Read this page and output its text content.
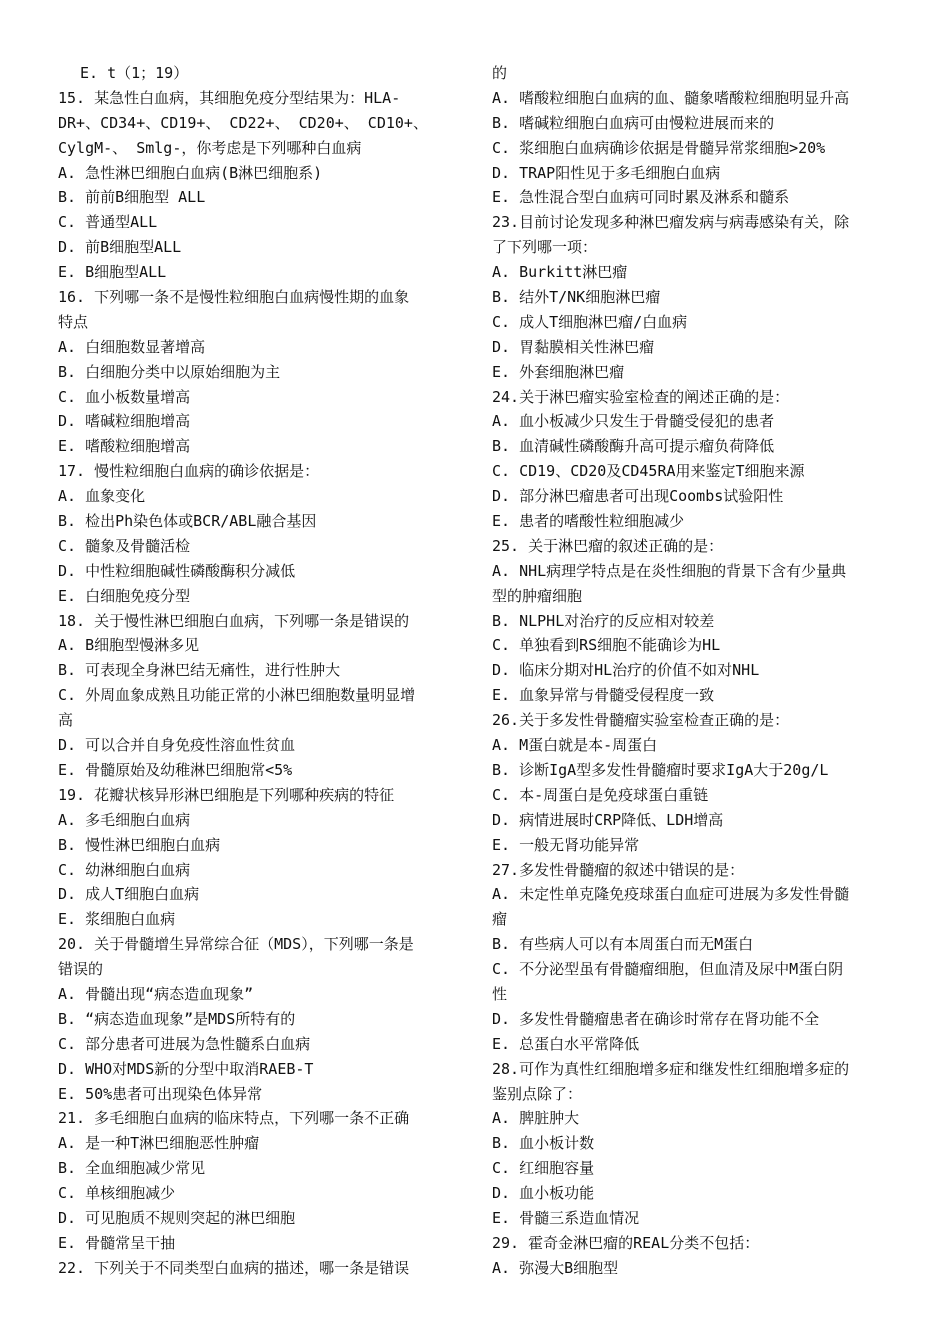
E. t（1；19）
15. 某急性白血病，其细胞免疫分型结果为：HLA-
DR+、CD34+、CD19+、 CD22+、 CD20+、 CD10+、
CylgM-、 Smlg-，你考虑是下列哪种白血病
A. 急性淋巴细胞白血病(B淋巴细胞系)
B. 前前B细胞型 ALL
C. 普通型ALL
D. 前B细胞型ALL
E. B细胞型ALL
16. 下列哪一条不是慢性粒细胞白血病慢性期的血象
特点
A. 白细胞数显著增高
B. 白细胞分类中以原始细胞为主
C. 血小板数量增高
D. 嗜碱粒细胞增高
E. 嗜酸粒细胞增高
17. 慢性粒细胞白血病的确诊依据是：
A. 血象变化
B. 检出Ph染色体或BCR/ABL融合基因
C. 髓象及骨髓活检
D. 中性粒细胞碱性磷酸酶积分减低
E. 白细胞免疫分型
18. 关于慢性淋巴细胞白血病，下列哪一条是错误的
A. B细胞型慢淋多见
B. 可表现全身淋巴结无痛性，进行性肿大
C. 外周血象成熟且功能正常的小淋巴细胞数量明显增
高
D. 可以合并自身免疫性溶血性贫血
E. 骨髓原始及幼稚淋巴细胞常<5%
19. 花瓣状核异形淋巴细胞是下列哪种疾病的特征
A. 多毛细胞白血病
B. 慢性淋巴细胞白血病
C. 幼淋细胞白血病
D. 成人T细胞白血病
E. 浆细胞白血病
20. 关于骨髓增生异常综合征（MDS），下列哪一条是
错误的
A. 骨髓出现“病态造血现象”
B. “病态造血现象”是MDS所特有的
C. 部分患者可进展为急性髓系白血病
D. WHO对MDS新的分型中取消RAEB-T
E. 50%患者可出现染色体异常
21. 多毛细胞白血病的临床特点，下列哪一条不正确
A. 是一种T淋巴细胞恶性肿瘤
B. 全血细胞减少常见
C. 单核细胞减少
D. 可见胞质不规则突起的淋巴细胞
E. 骨髓常呈干抽
22. 下列关于不同类型白血病的描述，哪一条是错误
的
A. 嗜酸粒细胞白血病的血、髓象嗜酸粒细胞明显升高
B. 嗜碱粒细胞白血病可由慢粒进展而来的
C. 浆细胞白血病确诊依据是骨髓异常浆细胞>20%
D. TRAP阳性见于多毛细胞白血病
E. 急性混合型白血病可同时累及淋系和髓系
23.目前讨论发现多种淋巴瘤发病与病毒感染有关，除
了下列哪一项：
A. Burkitt淋巴瘤
B. 结外T/NK细胞淋巴瘤
C. 成人T细胞淋巴瘤/白血病
D. 胃黏膜相关性淋巴瘤
E. 外套细胞淋巴瘤
24.关于淋巴瘤实验室检查的阐述正确的是：
A. 血小板减少只发生于骨髓受侵犯的患者
B. 血清碱性磷酸酶升高可提示瘤负荷降低
C. CD19、CD20及CD45RA用来鉴定T细胞来源
D. 部分淋巴瘤患者可出现Coombs试验阳性
E. 患者的嗜酸性粒细胞减少
25. 关于淋巴瘤的叙述正确的是：
A. NHL病理学特点是在炎性细胞的背景下含有少量典
型的肿瘤细胞
B. NLPHL对治疗的反应相对较差
C. 单独看到RS细胞不能确诊为HL
D. 临床分期对HL治疗的价值不如对NHL
E. 血象异常与骨髓受侵程度一致
26.关于多发性骨髓瘤实验室检查正确的是：
A. M蛋白就是本-周蛋白
B. 诊断IgA型多发性骨髓瘤时要求IgA大于20g/L
C. 本-周蛋白是免疫球蛋白重链
D. 病情进展时CRP降低、LDH增高
E. 一般无肾功能异常
27.多发性骨髓瘤的叙述中错误的是：
A. 未定性单克隆免疫球蛋白血症可进展为多发性骨髓
瘤
B. 有些病人可以有本周蛋白而无M蛋白
C. 不分泌型虽有骨髓瘤细胞，但血清及尿中M蛋白阴
性
D. 多发性骨髓瘤患者在确诊时常存在肾功能不全
E. 总蛋白水平常降低
28.可作为真性红细胞增多症和继发性红细胞增多症的
鉴别点除了：
A. 脾脏肿大
B. 血小板计数
C. 红细胞容量
D. 血小板功能
E. 骨髓三系造血情况
29. 霍奇金淋巴瘤的REAL分类不包括：
A. 弥漫大B细胞型
